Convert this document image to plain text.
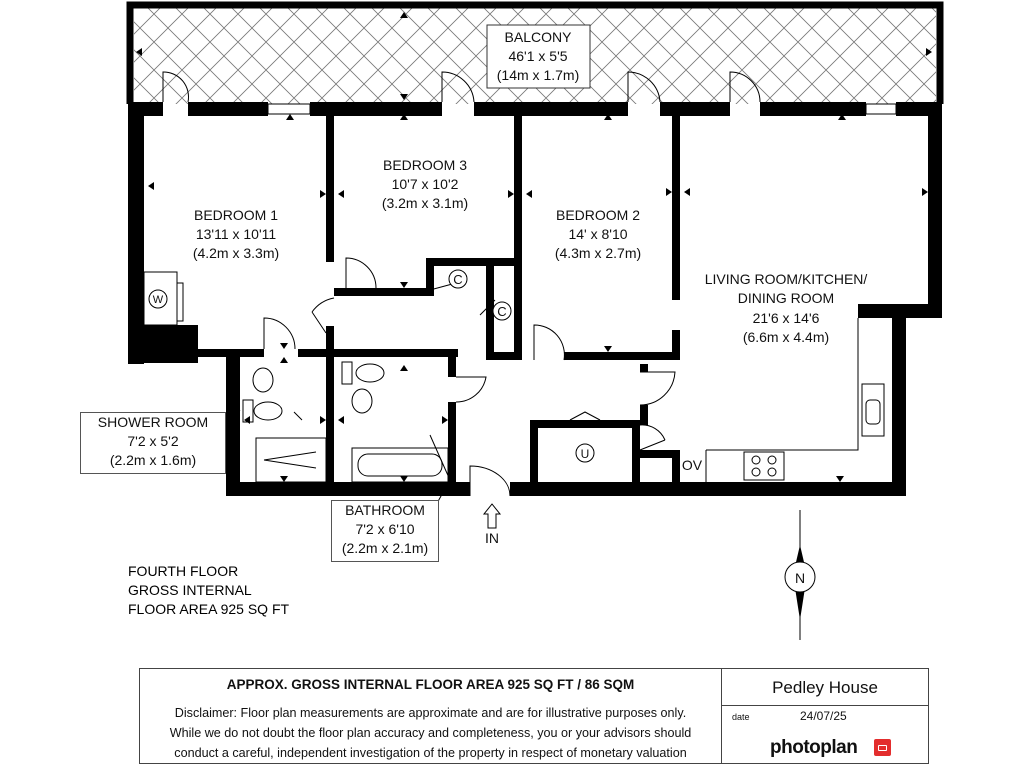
BALCONY
46'1 x 5'5
(14m x 1.7m)
BEDROOM 1
13'11 x 10'11
(4.2m x 3.3m)
BEDROOM 3
10'7 x 10'2
(3.2m x 3.1m)
BEDROOM 2
14' x 8'10
(4.3m x 2.7m)
LIVING ROOM/KITCHEN/
DINING ROOM
21'6 x 14'6
(6.6m x 4.4m)
W
C
C
U
OV
IN
N
FOURTH FLOOR
GROSS INTERNAL
FLOOR AREA 925 SQ FT
SHOWER ROOM
7'2 x 5'2
(2.2m x 1.6m)
BATHROOM
7'2 x 6'10
(2.2m x 2.1m)
APPROX. GROSS INTERNAL FLOOR AREA 925 SQ FT / 86 SQM
Disclaimer: Floor plan measurements are approximate and are for illustrative purposes only.
While we do not doubt the floor plan accuracy and completeness, you or your advisors should
conduct a careful, independent investigation of the property in respect of monetary valuation
Pedley House
date	24/07/25
photoplan
